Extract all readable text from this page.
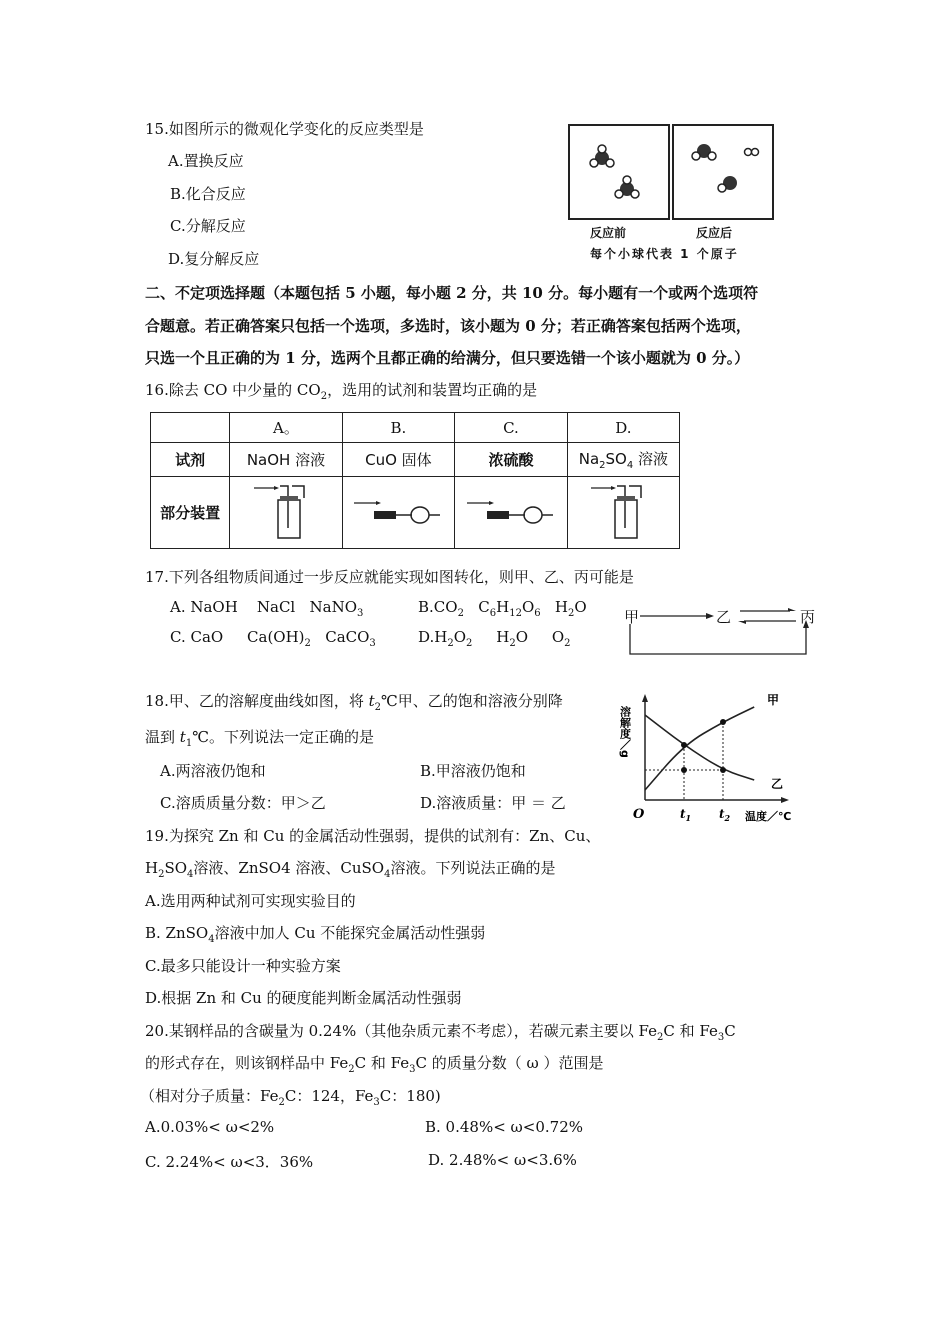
15.如图所示的微观化学变化的反应类型是
A.置换反应
B.化合反应
C.分解反应
D.复分解反应
反应前	反应后
每个小球代表 1 个原子
二、不定项选择题（本题包括 5 小题，每小题 2 分，共 10 分。每小题有一个或两个选项符
合题意。若正确答案只包括一个选项，多选时，该小题为 0 分；若正确答案包括两个选项，
只选一个且正确的为 1 分，选两个且都正确的给满分，但只要选错一个该小题就为 0 分。）
16.除去 CO 中少量的 $CO_2$，选用的试剂和装置均正确的是
	A。	B.	C.	D.
试剂	NaOH 溶液	CuO 固体	浓硫酸	$Na_2SO_4$ 溶液
部分装置				
17.下列各组物质间通过一步反应就能实现如图转化，则甲、乙、丙可能是
A. NaOH    NaCl   NaNO$_3$	$B.CO_2$   $C_6H_{12}O_6$   $H_2O$
C. CaO     $Ca(OH)_2$   CaCO$_3$	$D.H_2O_2$     $H_2O$     $O_2$
甲	乙	丙
18.甲、乙的溶解度曲线如图，将 $t_2℃$甲、乙的饱和溶液分别降
温到 $t_1℃$。下列说法一定正确的是
A.两溶液仍饱和	B.甲溶液仍饱和
C.溶质质量分数：甲＞乙	D.溶液质量：甲 ＝ 乙
溶解度／g
温度／℃
O	$t_1$ $t_2$
甲
乙
19.为探究 Zn 和 Cu 的金属活动性强弱，提供的试剂有：Zn、Cu、
$H_2SO_4$溶液、ZnSO4 溶液、CuSO$_4$溶液。下列说法正确的是
A.选用两种试剂可实现实验目的
B. ZnSO$_4$溶液中加人 Cu 不能探究金属活动性强弱
C.最多只能设计一种实验方案
D.根据 Zn 和 Cu 的硬度能判断金属活动性强弱
20.某钢样品的含碳量为 0.24%（其他杂质元素不考虑），若碳元素主要以 $Fe_2C$ 和 $Fe_3C$
的形式存在，则该钢样品中 $Fe_2C$ 和 $Fe_3C$ 的质量分数（ ω ）范围是
（相对分子质量：$Fe_2C$：124，$Fe_3C$：180)
A.0.03%< ω<2%	B. 0.48%< ω<0.72%
C. 2.24%< ω<3．36%	D. 2.48%< ω<3.6%
